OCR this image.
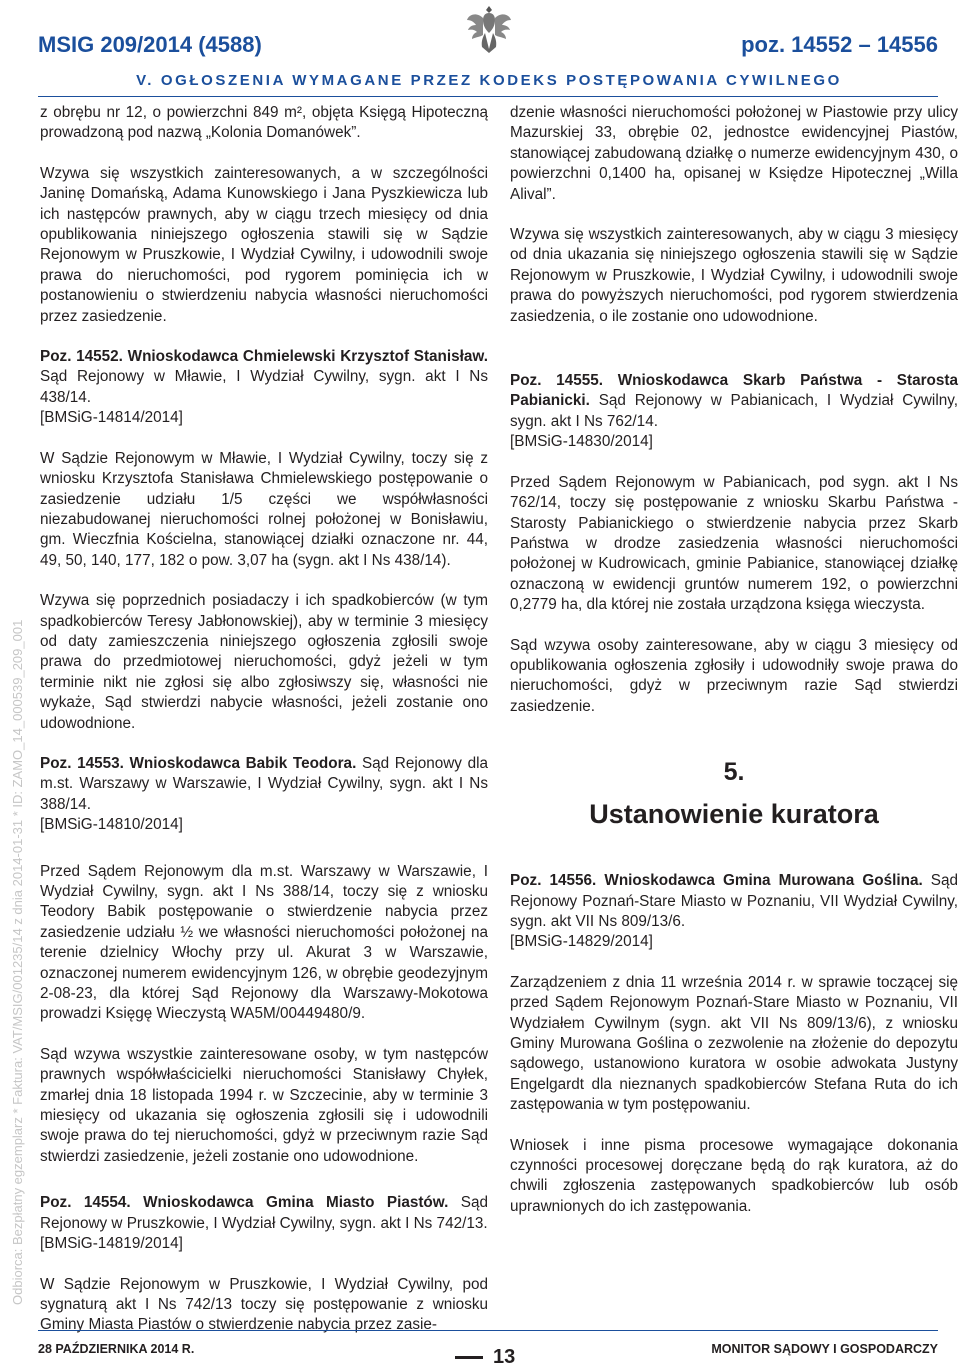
MSIG 209/2014 (4588)	poz. 14552 – 14556
V. OGŁOSZENIA WYMAGANE PRZEZ KODEKS POSTĘPOWANIA CYWILNEGO
Odbiorca: Bezpłatny egzemplarz * Faktura: VAT/MSIG/001235/14 z dnia 2014-01-31 * ID: ZAMO_14_000539_209_001

z obrębu nr 12, o powierzchni 849 m², objęta Księgą Hipoteczną prowadzoną pod nazwą „Kolonia Domanówek”.

Wzywa się wszystkich zainteresowanych, a w szczególności Janinę Domańską, Adama Kunowskiego i Jana Pyszkiewicza lub ich następców prawnych, aby w ciągu trzech miesięcy od dnia opublikowania niniejszego ogłoszenia stawili się w Sądzie Rejonowym w Pruszkowie, I Wydział Cywilny, i udowodnili swoje prawa do nieruchomości, pod rygorem pominięcia ich w postanowieniu o stwierdzeniu nabycia własności nieruchomości przez zasiedzenie.

Poz. 14552. Wnioskodawca Chmielewski Krzysztof Stanisław. Sąd Rejonowy w Mławie, I Wydział Cywilny, sygn. akt I Ns 438/14.

[BMSiG-14814/2014]

W Sądzie Rejonowym w Mławie, I Wydział Cywilny, toczy się z wniosku Krzysztofa Stanisława Chmielewskiego postępowanie o zasiedzenie udziału 1/5 części we współwłasności niezabudowanej nieruchomości rolnej położonej w Bonisławiu, gm. Wieczfnia Kościelna, stanowiącej działki oznaczone nr. 44, 49, 50, 140, 177, 182 o pow. 3,07 ha (sygn. akt I Ns 438/14).

Wzywa się poprzednich posiadaczy i ich spadkobierców (w tym spadkobierców Teresy Jabłonowskiej), aby w terminie 3 miesięcy od daty zamieszczenia niniejszego ogłoszenia zgłosili swoje prawa do przedmiotowej nieruchomości, gdyż jeżeli w tym terminie nikt nie zgłosi się albo zgłosiwszy się, własności nie wykaże, Sąd stwierdzi nabycie własności, jeżeli zostanie ono udowodnione.

Poz. 14553. Wnioskodawca Babik Teodora. Sąd Rejonowy dla m.st. Warszawy w Warszawie, I Wydział Cywilny, sygn. akt I Ns 388/14.

[BMSiG-14810/2014]

Przed Sądem Rejonowym dla m.st. Warszawy w Warszawie, I Wydział Cywilny, sygn. akt I Ns 388/14, toczy się z wniosku Teodory Babik postępowanie o stwierdzenie nabycia przez zasiedzenie udziału ½ we własności nieruchomości położonej na terenie dzielnicy Włochy przy ul. Akurat 3 w Warszawie, oznaczonej numerem ewidencyjnym 126, w obrębie geodezyjnym 2-08-23, dla której Sąd Rejonowy dla Warszawy-Mokotowa prowadzi Księgę Wieczystą WA5M/00449480/9.

Sąd wzywa wszystkie zainteresowane osoby, w tym następców prawnych współwłaścicielki nieruchomości Stanisławy Chyłek, zmarłej dnia 18 listopada 1994 r. w Szczecinie, aby w terminie 3 miesięcy od ukazania się ogłoszenia zgłosili się i udowodnili swoje prawa do tej nieruchomości, gdyż w przeciwnym razie Sąd stwierdzi zasiedzenie, jeżeli zostanie ono udowodnione.

Poz. 14554. Wnioskodawca Gmina Miasto Piastów. Sąd Rejonowy w Pruszkowie, I Wydział Cywilny, sygn. akt I Ns 742/13.

[BMSiG-14819/2014]

W Sądzie Rejonowym w Pruszkowie, I Wydział Cywilny, pod sygnaturą akt I Ns 742/13 toczy się postępowanie z wniosku Gminy Miasta Piastów o stwierdzenie nabycia przez zasie-

dzenie własności nieruchomości położonej w Piastowie przy ulicy Mazurskiej 33, obrębie 02, jednostce ewidencyjnej Piastów, stanowiącej zabudowaną działkę o numerze ewidencyjnym 430, o powierzchni 0,1400 ha, opisanej w Księdze Hipotecznej „Willa Alival”.

Wzywa się wszystkich zainteresowanych, aby w ciągu 3 miesięcy od dnia ukazania się niniejszego ogłoszenia stawili się w Sądzie Rejonowym w Pruszkowie, I Wydział Cywilny, i udowodnili swoje prawa do powyższych nieruchomości, pod rygorem stwierdzenia zasiedzenia, o ile zostanie ono udowodnione.

Poz. 14555. Wnioskodawca Skarb Państwa - Starosta Pabianicki. Sąd Rejonowy w Pabianicach, I Wydział Cywilny, sygn. akt I Ns 762/14.

[BMSiG-14830/2014]

Przed Sądem Rejonowym w Pabianicach, pod sygn. akt I Ns 762/14, toczy się postępowanie z wniosku Skarbu Państwa - Starosty Pabianickiego o stwierdzenie nabycia przez Skarb Państwa w drodze zasiedzenia własności nieruchomości położonej w Kudrowicach, gminie Pabianice, stanowiącej działkę oznaczoną w ewidencji gruntów numerem 192, o powierzchni 0,2779 ha, dla której nie została urządzona księga wieczysta.

Sąd wzywa osoby zainteresowane, aby w ciągu 3 miesięcy od opublikowania ogłoszenia zgłosiły i udowodniły swoje prawa do nieruchomości, gdyż w przeciwnym razie Sąd stwierdzi zasiedzenie.

5.
Ustanowienie kuratora

Poz. 14556. Wnioskodawca Gmina Murowana Goślina. Sąd Rejonowy Poznań-Stare Miasto w Poznaniu, VII Wydział Cywilny, sygn. akt VII Ns 809/13/6.

[BMSiG-14829/2014]

Zarządzeniem z dnia 11 września 2014 r. w sprawie toczącej się przed Sądem Rejonowym Poznań-Stare Miasto w Poznaniu, VII Wydziałem Cywilnym (sygn. akt VII Ns 809/13/6), z wniosku Gminy Murowana Goślina o zezwolenie na złożenie do depozytu sądowego, ustanowiono kuratora w osobie adwokata Justyny Engelgardt dla nieznanych spadkobierców Stefana Ruta do ich zastępowania w tym postępowaniu.

Wniosek i inne pisma procesowe wymagające dokonania czynności procesowej doręczane będą do rąk kuratora, aż do chwili zgłoszenia zastępowanych spadkobierców lub osób uprawnionych do ich zastępowania.

28 PAŹDZIERNIKA 2014 R.	13	MONITOR SĄDOWY I GOSPODARCZY
